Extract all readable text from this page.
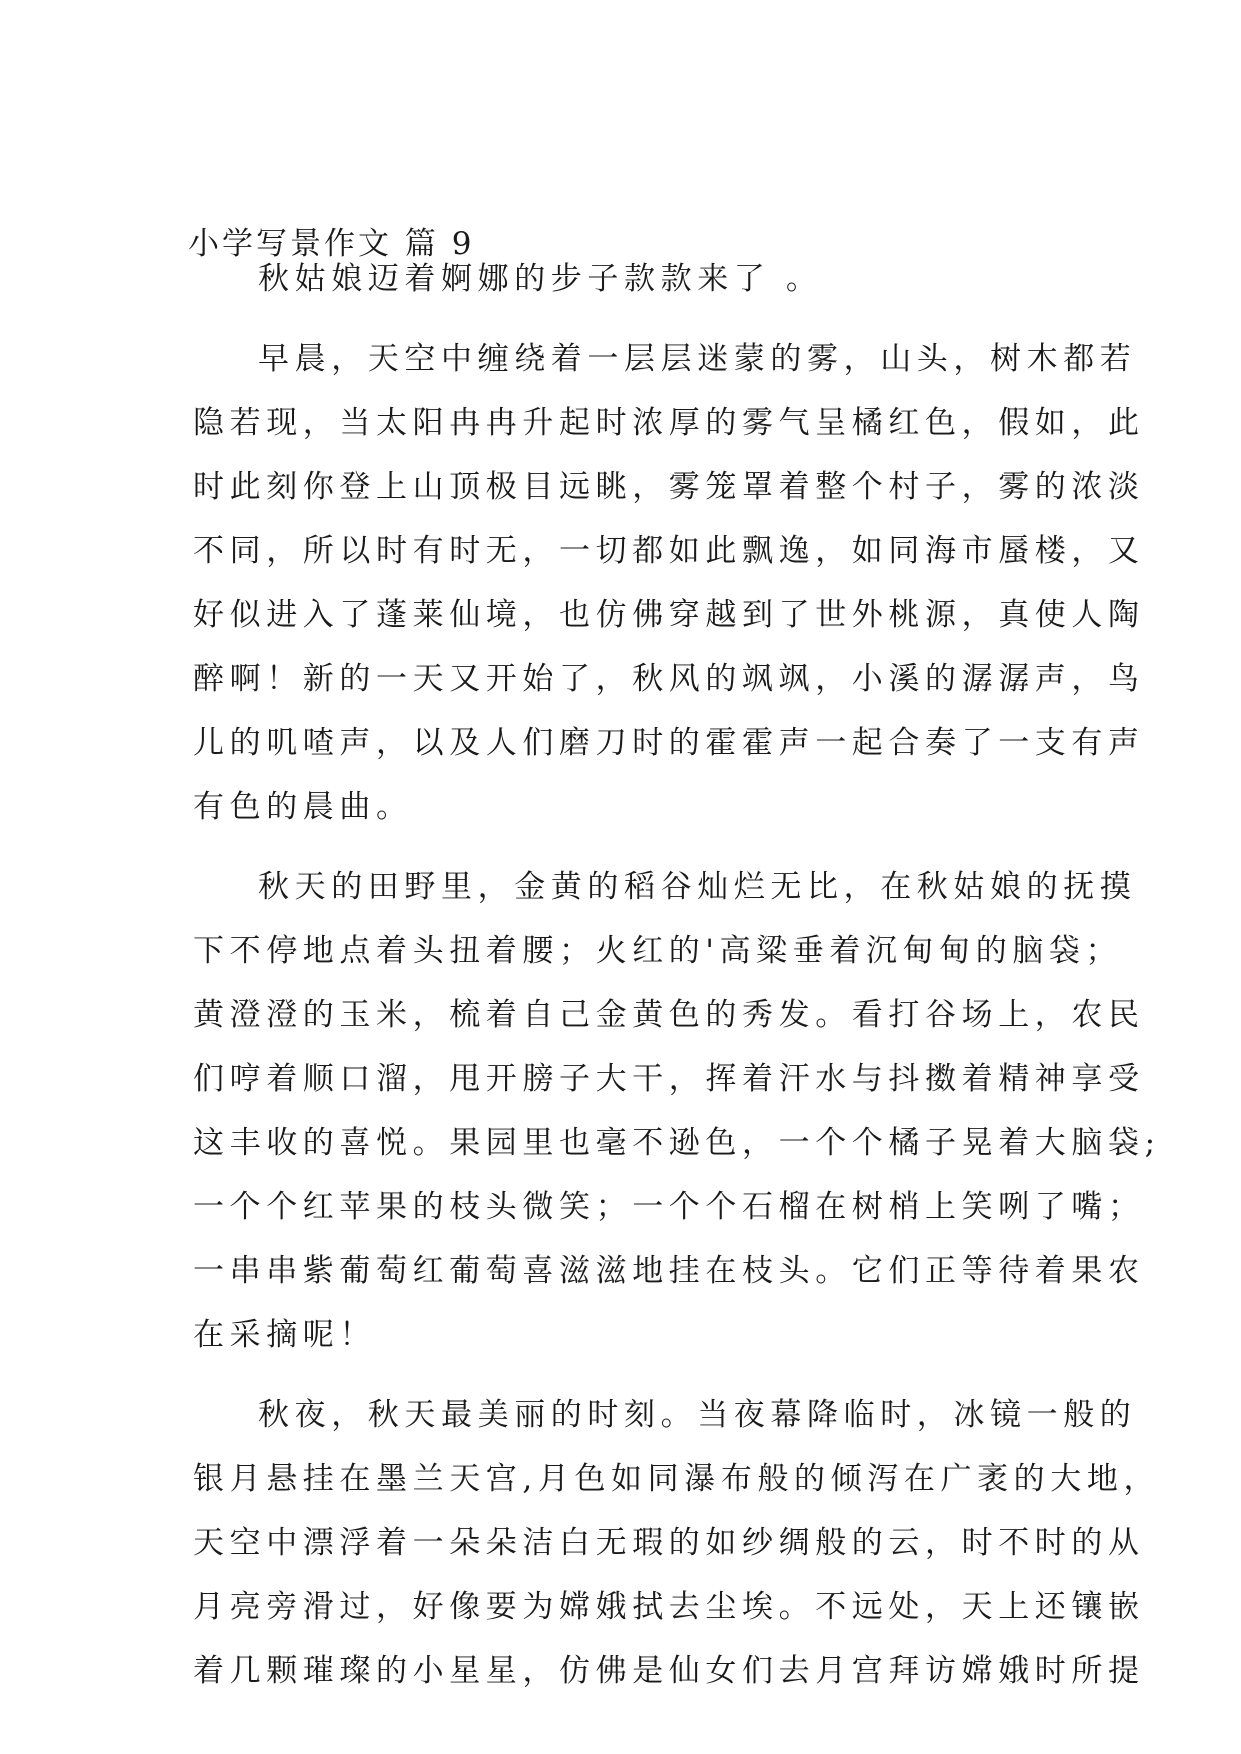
小学写景作文 篇 9
秋姑娘迈着婀娜的步子款款来了 。
早晨，天空中缠绕着一层层迷蒙的雾，山头，树木都若
隐若现，当太阳冉冉升起时浓厚的雾气呈橘红色，假如，此
时此刻你登上山顶极目远眺，雾笼罩着整个村子，雾的浓淡
不同，所以时有时无，一切都如此飘逸，如同海市蜃楼，又
好似进入了蓬莱仙境，也仿佛穿越到了世外桃源，真使人陶
醉啊！新的一天又开始了，秋风的飒飒，小溪的潺潺声，鸟
儿的叽喳声，以及人们磨刀时的霍霍声一起合奏了一支有声
有色的晨曲。
秋天的田野里，金黄的稻谷灿烂无比，在秋姑娘的抚摸
下不停地点着头扭着腰；火红的'高粱垂着沉甸甸的脑袋；
黄澄澄的玉米，梳着自己金黄色的秀发。看打谷场上，农民
们哼着顺口溜，甩开膀子大干，挥着汗水与抖擞着精神享受
这丰收的喜悦。果园里也毫不逊色，一个个橘子晃着大脑袋;
一个个红苹果的枝头微笑；一个个石榴在树梢上笑咧了嘴；
一串串紫葡萄红葡萄喜滋滋地挂在枝头。它们正等待着果农
在采摘呢！
秋夜，秋天最美丽的时刻。当夜幕降临时，冰镜一般的
银月悬挂在墨兰天宫,月色如同瀑布般的倾泻在广袤的大地，
天空中漂浮着一朵朵洁白无瑕的如纱绸般的云，时不时的从
月亮旁滑过，好像要为嫦娥拭去尘埃。不远处，天上还镶嵌
着几颗璀璨的小星星，仿佛是仙女们去月宫拜访嫦娥时所提
